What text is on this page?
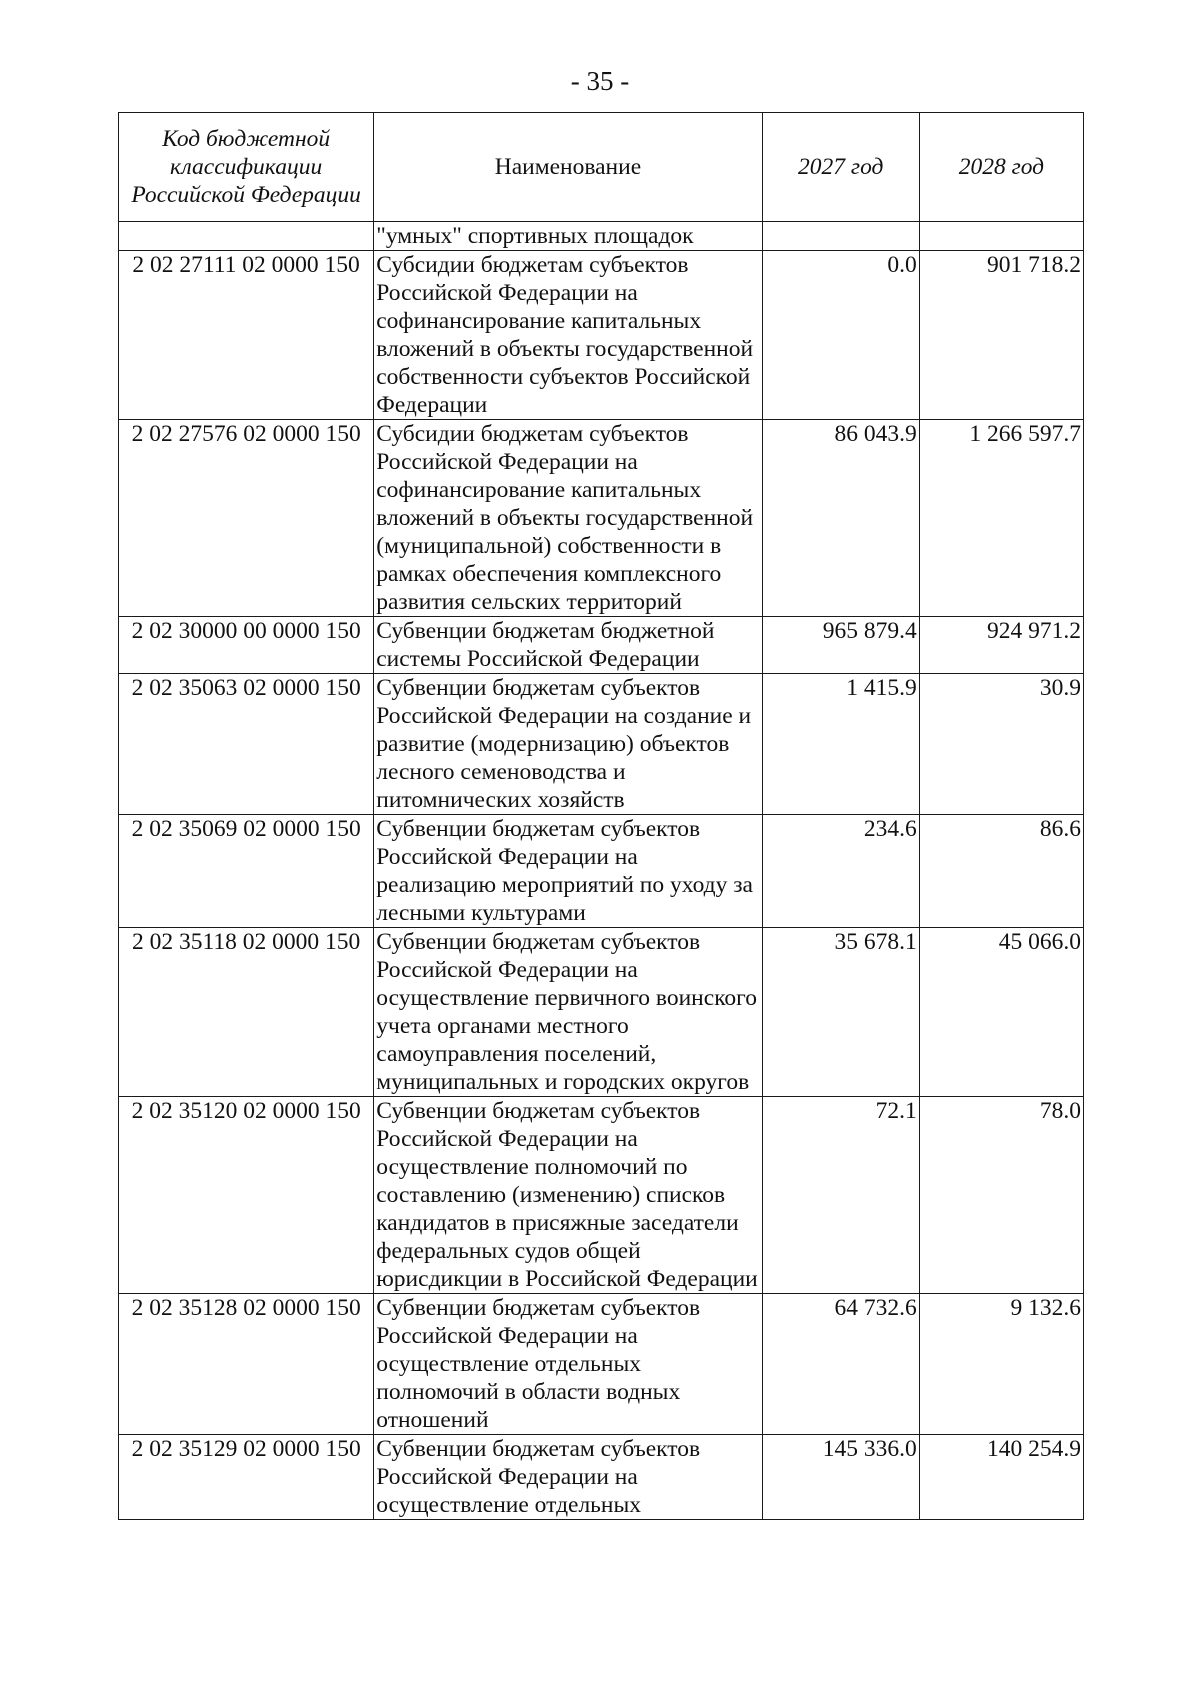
- 35 -
Код бюджетной классификации Российской Федерации	Наименование	2027 год	2028 год
	"умных" спортивных площадок		
2 02 27111 02 0000 150	Субсидии бюджетам субъектов Российской Федерации на софинансирование капитальных вложений в объекты государственной собственности субъектов Российской Федерации	0.0	901 718.2
2 02 27576 02 0000 150	Субсидии бюджетам субъектов Российской Федерации на софинансирование капитальных вложений в объекты государственной (муниципальной) собственности в рамках обеспечения комплексного развития сельских территорий	86 043.9	1 266 597.7
2 02 30000 00 0000 150	Субвенции бюджетам бюджетной системы Российской Федерации	965 879.4	924 971.2
2 02 35063 02 0000 150	Субвенции бюджетам субъектов Российской Федерации на создание и развитие (модернизацию) объектов лесного семеноводства и питомнических хозяйств	1 415.9	30.9
2 02 35069 02 0000 150	Субвенции бюджетам субъектов Российской Федерации на реализацию мероприятий по уходу за лесными культурами	234.6	86.6
2 02 35118 02 0000 150	Субвенции бюджетам субъектов Российской Федерации на осуществление первичного воинского учета органами местного самоуправления поселений, муниципальных и городских округов	35 678.1	45 066.0
2 02 35120 02 0000 150	Субвенции бюджетам субъектов Российской Федерации на осуществление полномочий по составлению (изменению) списков кандидатов в присяжные заседатели федеральных судов общей юрисдикции в Российской Федерации	72.1	78.0
2 02 35128 02 0000 150	Субвенции бюджетам субъектов Российской Федерации на осуществление отдельных полномочий в области водных отношений	64 732.6	9 132.6
2 02 35129 02 0000 150	Субвенции бюджетам субъектов Российской Федерации на осуществление отдельных	145 336.0	140 254.9
